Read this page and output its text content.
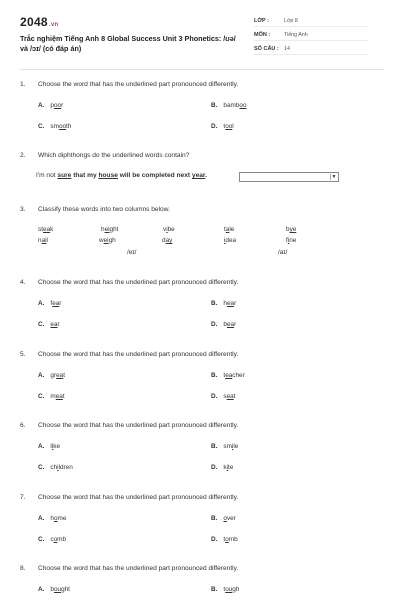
2048.vn
Trắc nghiệm Tiếng Anh 8 Global Success Unit 3 Phonetics: /ʊə/ và /ɔɪ/ (có đáp án)
LỚP :	Lớp 8
MÔN :	Tiếng Anh
SỐ CÂU : 14
1.	Choose the word that has the underlined part pronounced differently.
A. poor	B. bamboo
C. smooth	D. tool
2.	Which diphthongs do the underlined words contain?
I'm not sure that my house will be completed next year.	▼
3.	Classify these words into two columns below.
steak	height	vibe	tale	bye
nail	weigh	day	idea	fine
/eɪ/	/aɪ/
4.	Choose the word that has the underlined part pronounced differently.
A. fear	B. hear
C. ear	D. bear
5.	Choose the word that has the underlined part pronounced differently.
A. great	B. teacher
C. meat	D. seat
6.	Choose the word that has the underlined part pronounced differently.
A. like	B. smile
C. children	D. kite
7.	Choose the word that has the underlined part pronounced differently.
A. home	B. over
C. comb	D. tomb
8.	Choose the word that has the underlined part pronounced differently.
A. bought	B. tough
